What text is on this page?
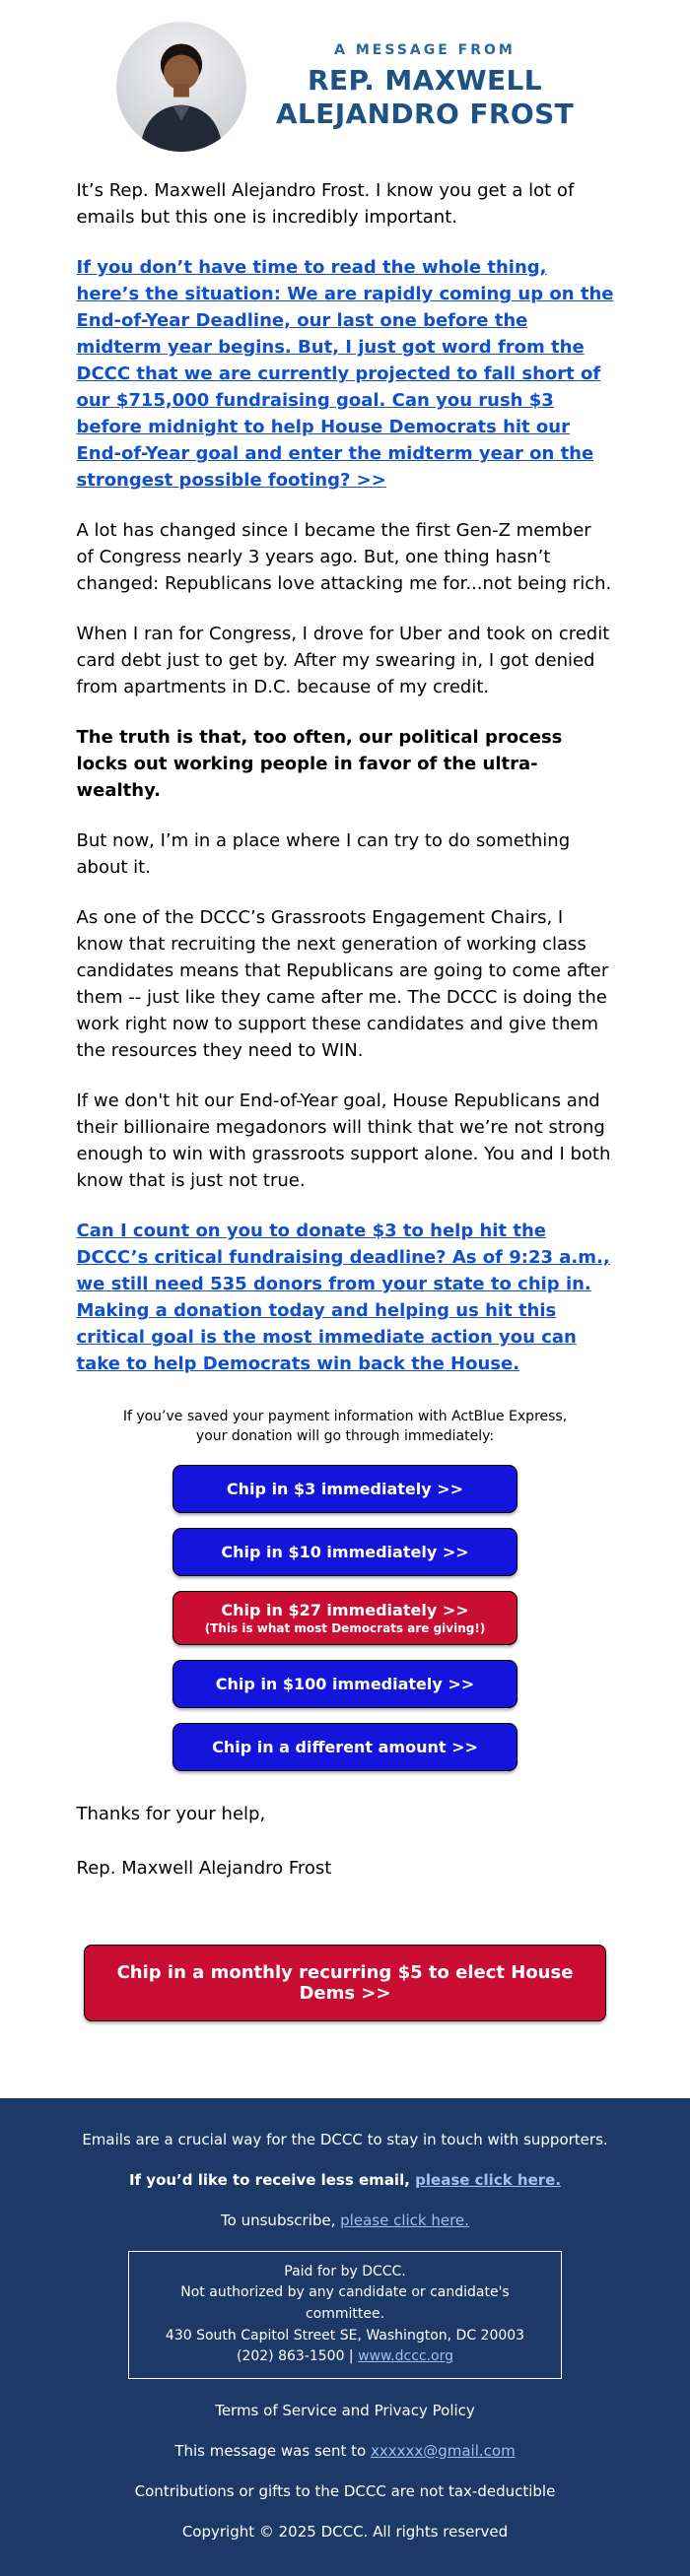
A MESSAGE FROM
REP. MAXWELL
ALEJANDRO FROST

It’s Rep. Maxwell Alejandro Frost. I know you get a lot of emails but this one is incredibly important.

If you don’t have time to read the whole thing, here’s the situation: We are rapidly coming up on the End-of-Year Deadline, our last one before the midterm year begins. But, I just got word from the DCCC that we are currently projected to fall short of our $715,000 fundraising goal. Can you rush $3 before midnight to help House Democrats hit our End-of-Year goal and enter the midterm year on the strongest possible footing? >>

A lot has changed since I became the first Gen-Z member of Congress nearly 3 years ago. But, one thing hasn’t changed: Republicans love attacking me for...not being rich.

When I ran for Congress, I drove for Uber and took on credit card debt just to get by. After my swearing in, I got denied from apartments in D.C. because of my credit.

The truth is that, too often, our political process locks out working people in favor of the ultra-wealthy.

But now, I’m in a place where I can try to do something about it.

As one of the DCCC’s Grassroots Engagement Chairs, I know that recruiting the next generation of working class candidates means that Republicans are going to come after them -- just like they came after me. The DCCC is doing the work right now to support these candidates and give them the resources they need to WIN.

If we don't hit our End-of-Year goal, House Republicans and their billionaire megadonors will think that we’re not strong enough to win with grassroots support alone. You and I both know that is just not true.

Can I count on you to donate $3 to help hit the DCCC’s critical fundraising deadline? As of 9:23 a.m., we still need 535 donors from your state to chip in. Making a donation today and helping us hit this critical goal is the most immediate action you can take to help Democrats win back the House.

If you’ve saved your payment information with ActBlue Express,
your donation will go through immediately:
Chip in $3 immediately >>
Chip in $10 immediately >>
Chip in $27 immediately >>
(This is what most Democrats are giving!)
Chip in $100 immediately >>
Chip in a different amount >>

Thanks for your help,

Rep. Maxwell Alejandro Frost

Chip in a monthly recurring $5 to elect House Dems >>

Emails are a crucial way for the DCCC to stay in touch with supporters.

If you’d like to receive less email, please click here.

To unsubscribe, please click here.

Paid for by DCCC.
Not authorized by any candidate or candidate's committee.
430 South Capitol Street SE, Washington, DC 20003
(202) 863-1500 | www.dccc.org

Terms of Service and Privacy Policy

This message was sent to xxxxxx@gmail.com

Contributions or gifts to the DCCC are not tax-deductible

Copyright © 2025 DCCC. All rights reserved
